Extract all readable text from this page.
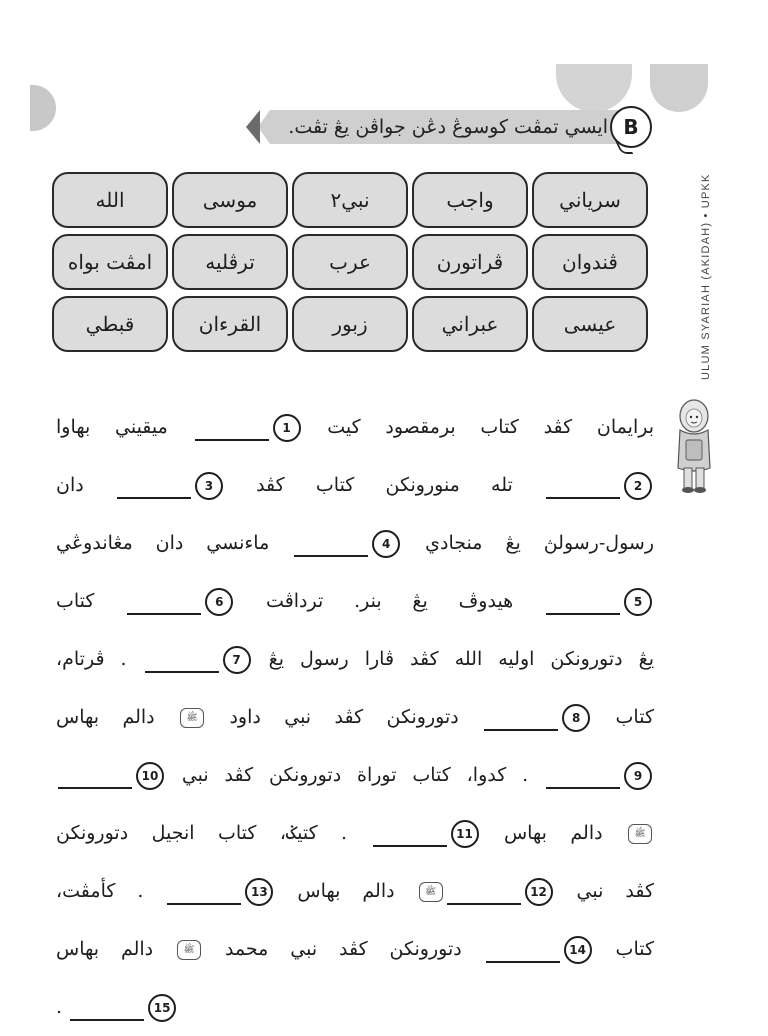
ULUM SYARIAH (AKIDAH) • UPKK
ايسي تمڤت كوسوڠ دڠن جواڤن يڠ تڤت. B
سرياني
واجب
نبي٢
موسى
الله
ڤندوان
ڤراتورن
عرب
ترڤليه
امڤت بواه
عيسى
عبراني
زبور
القرءان
قبطي
برايمان كڤد كتاب برمقصود كيت 1 ميقيني بهاوا
2 تله منورونكن كتاب كڤد 3 دان
رسول-رسولڽ يڠ منجادي 4 ماءنسي دان مڠاندوڠي
5 هيدوڤ يڠ بنر. ترداڤت 6 كتاب
يڠ دتورونكن اوليه الله كڤد ڤارا رسول يڠ 7 . ڤرتام،
كتاب 8 دتورونكن كڤد نبي داود ﷺ دالم بهاس
9 . كدوا، كتاب توراة دتورونكن كڤد نبي 10
ﷺ دالم بهاس 11 . كتيݢ، كتاب انجيل دتورونكن
كڤد نبي 12ﷺ دالم بهاس 13 . كأمڤت،
كتاب 14 دتورونكن كڤد نبي محمد ﷺ دالم بهاس
15 .
